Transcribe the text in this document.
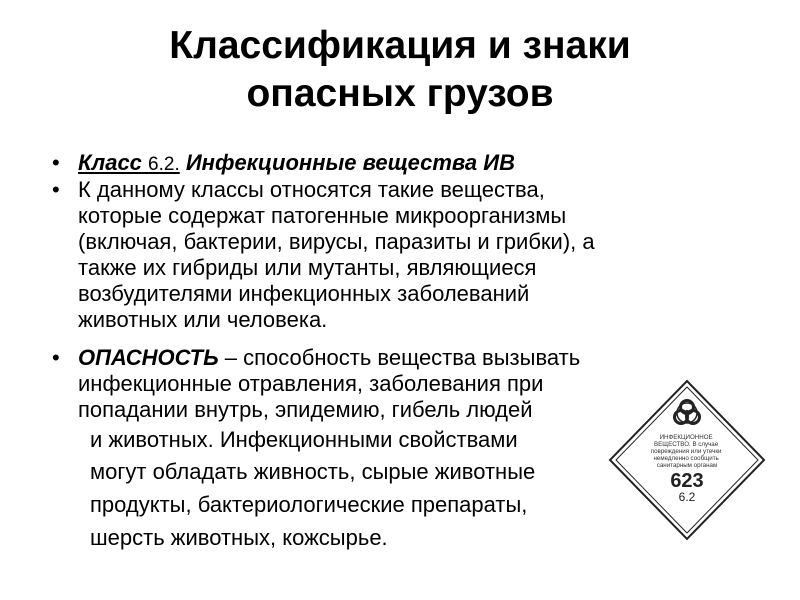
Классификация и знаки
опасных грузов
• Класс 6.2. Инфекционные вещества ИВ
• К данному классы относятся такие вещества,
которые содержат патогенные микроорганизмы
(включая, бактерии, вирусы, паразиты и грибки), а
также их гибриды или мутанты, являющиеся
возбудителями инфекционных заболеваний
животных или человека.
• ОПАСНОСТЬ – способность вещества вызывать
инфекционные отравления, заболевания при
попадании внутрь, эпидемию, гибель людей
и животных. Инфекционными свойствами
могут обладать живность, сырые животные
продукты, бактериологические препараты,
шерсть животных, кожсырье.
ИНФЕКЦИОННОЕ ВЕЩЕСТВО. В случае повреждения или утечки немедленно сообщить санитарным органам
623
6.2
